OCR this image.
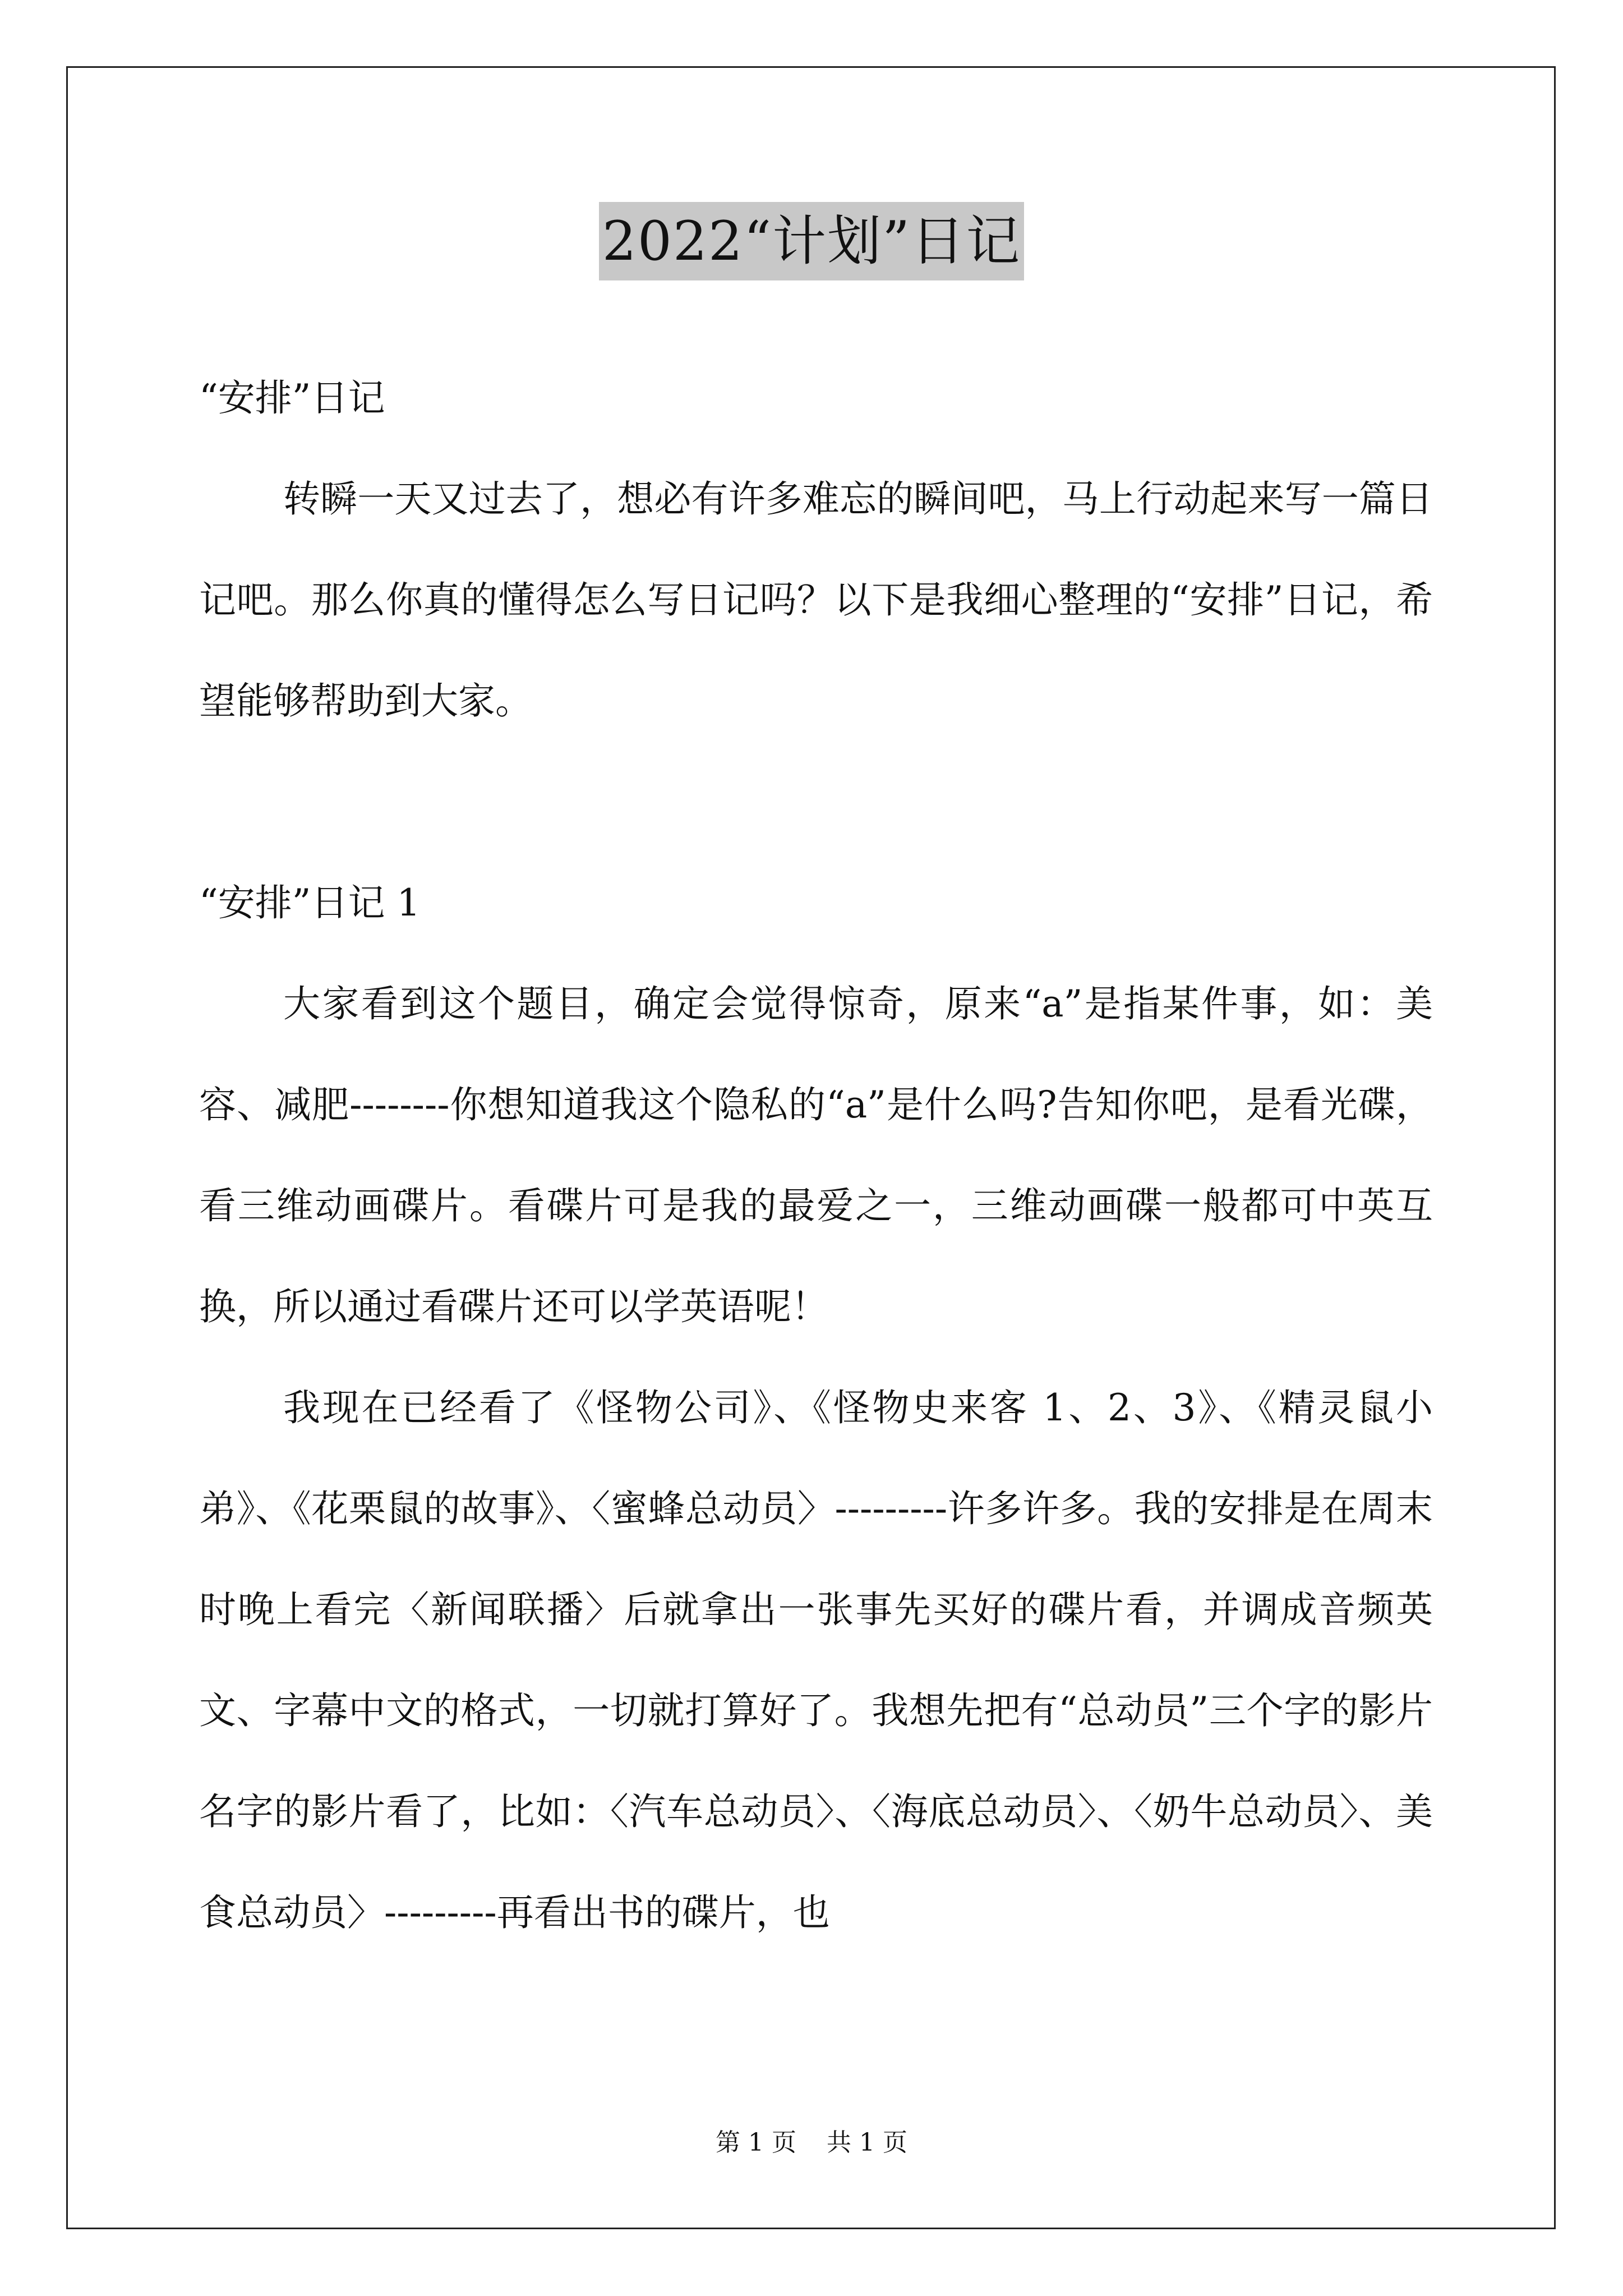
2022“计划”日记

“安排”日记

转瞬一天又过去了，想必有许多难忘的瞬间吧，马上行动起来写一篇日记吧。那么你真的懂得怎么写日记吗？以下是我细心整理的“安排”日记，希望能够帮助到大家。

“安排”日记 1

大家看到这个题目，确定会觉得惊奇，原来“a”是指某件事，如：美容、减肥--------你想知道我这个隐私的“a”是什么吗?告知你吧，是看光碟，看三维动画碟片。看碟片可是我的最爱之一，三维动画碟一般都可中英互换，所以通过看碟片还可以学英语呢！

我现在已经看了《怪物公司》、《怪物史来客 1、2、3》、《精灵鼠小弟》、《花栗鼠的故事》、〈蜜蜂总动员〉---------许多许多。我的安排是在周末时晚上看完〈新闻联播〉后就拿出一张事先买好的碟片看，并调成音频英文、字幕中文的格式，一切就打算好了。我想先把有“总动员”三个字的影片名字的影片看了，比如：〈汽车总动员〉、〈海底总动员〉、〈奶牛总动员〉、美食总动员〉---------再看出书的碟片，也

第 1 页 共 1 页
